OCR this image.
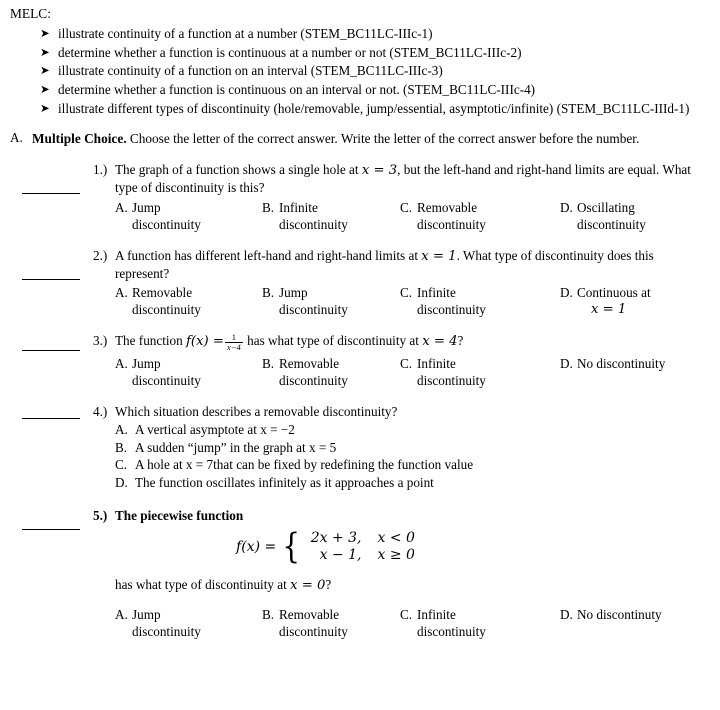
MELC:
➤ illustrate continuity of a function at a number (STEM_BC11LC-IIIc-1)
➤ determine whether a function is continuous at a number or not (STEM_BC11LC-IIIc-2)
➤ illustrate continuity of a function on an interval (STEM_BC11LC-IIIc-3)
➤ determine whether a function is continuous on an interval or not. (STEM_BC11LC-IIIc-4)
➤ illustrate different types of discontinuity (hole/removable, jump/essential, asymptotic/infinite) (STEM_BC11LC-IIId-1)
A. Multiple Choice. Choose the letter of the correct answer. Write the letter of the correct answer before the number.
1.) The graph of a function shows a single hole at x = 3, but the left-hand and right-hand limits are equal. What type of discontinuity is this?
A. Jump
discontinuity
B. Infinite
discontinuity
C. Removable
discontinuity
D. Oscillating
discontinuity
2.) A function has different left-hand and right-hand limits at x = 1. What type of discontinuity does this represent?
A. Removable
discontinuity
B. Jump
discontinuity
C. Infinite
discontinuity
D. Continuous at
x = 1
3.) The function $f(x) = \frac{1}{x-4}$ has what type of discontinuity at x = 4?
A. Jump
discontinuity
B. Removable
discontinuity
C. Infinite
discontinuity
D. No discontinuity
4.) Which situation describes a removable discontinuity?
A. A vertical asymptote at x = −2
B. A sudden “jump” in the graph at x = 5
C. A hole at x = 7that can be fixed by redefining the function value
D. The function oscillates infinitely as it approaches a point
5.) The piecewise function
f(x) = { 2x + 3, x < 0
x − 1, x ≥ 0
has what type of discontinuity at x = 0?
A. Jump
discontinuity
B. Removable
discontinuity
C. Infinite
discontinuity
D. No discontinuty
